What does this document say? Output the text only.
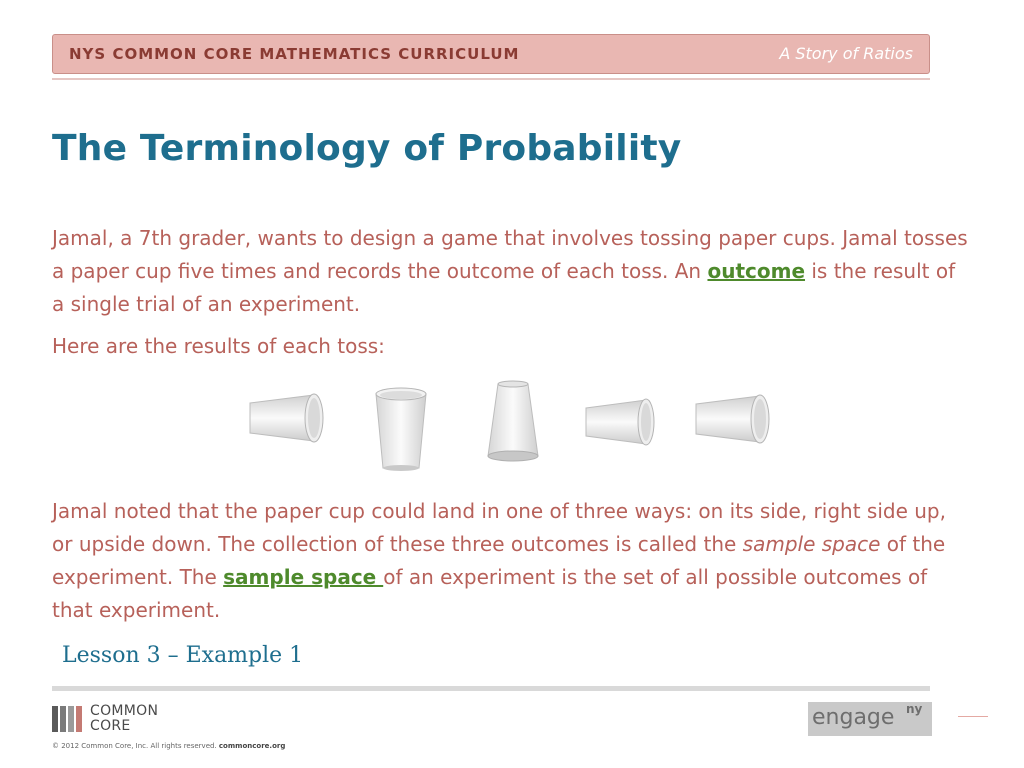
NYS COMMON CORE MATHEMATICS CURRICULUM	A Story of Ratios
The Terminology of Probability

Jamal, a 7th grader, wants to design a game that involves tossing paper cups. Jamal tosses a paper cup five times and records the outcome of each toss. An outcome is the result of a single trial of an experiment.

Here are the results of each toss:

Jamal noted that the paper cup could land in one of three ways: on its side, right side up, or upside down. The collection of these three outcomes is called the sample space of the experiment. The sample space of an experiment is the set of all possible outcomes of that experiment.

Lesson 3 – Example 1
COMMON
CORE
© 2012 Common Core, Inc. All rights reserved. commoncore.org
engage ny
